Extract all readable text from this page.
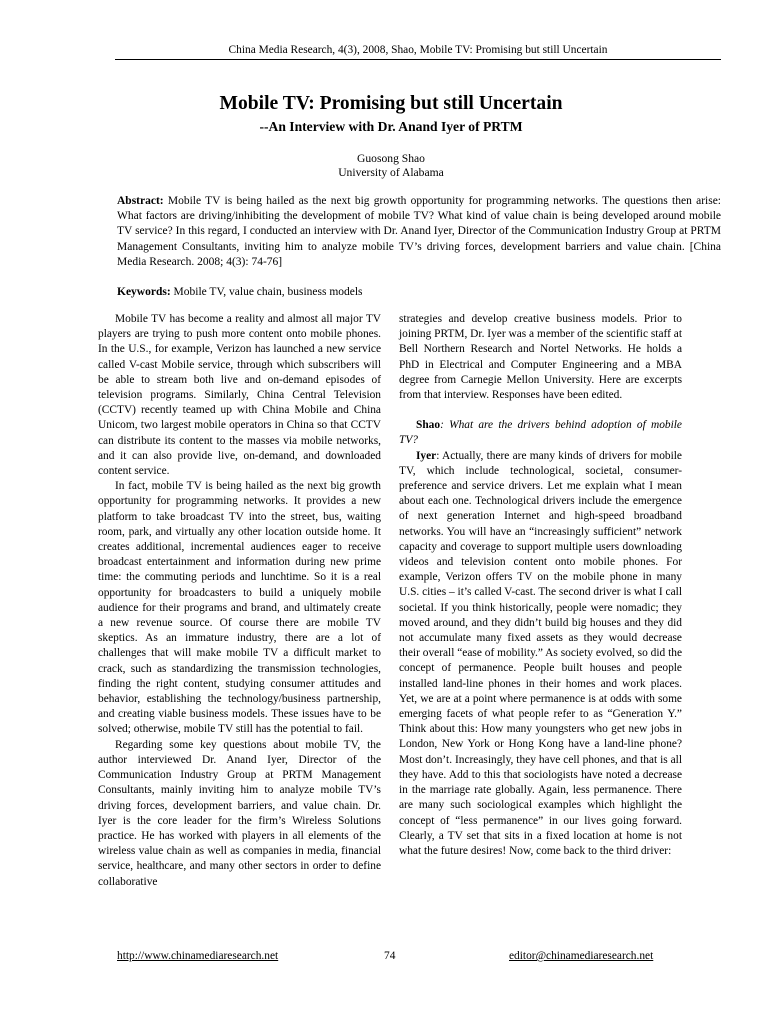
China Media Research, 4(3), 2008, Shao, Mobile TV: Promising but still Uncertain
Mobile TV: Promising but still Uncertain
--An Interview with Dr. Anand Iyer of PRTM
Guosong Shao
University of Alabama

Abstract: Mobile TV is being hailed as the next big growth opportunity for programming networks. The questions then arise: What factors are driving/inhibiting the development of mobile TV? What kind of value chain is being developed around mobile TV service? In this regard, I conducted an interview with Dr. Anand Iyer, Director of the Communication Industry Group at PRTM Management Consultants, inviting him to analyze mobile TV’s driving forces, development barriers and value chain. [China Media Research. 2008; 4(3): 74-76]

Keywords: Mobile TV, value chain, business models

Mobile TV has become a reality and almost all major TV players are trying to push more content onto mobile phones. In the U.S., for example, Verizon has launched a new service called V-cast Mobile service, through which subscribers will be able to stream both live and on-demand episodes of television programs. Similarly, China Central Television (CCTV) recently teamed up with China Mobile and China Unicom, two largest mobile operators in China so that CCTV can distribute its content to the masses via mobile networks, and it can also provide live, on-demand, and downloaded content service.

In fact, mobile TV is being hailed as the next big growth opportunity for programming networks. It provides a new platform to take broadcast TV into the street, bus, waiting room, park, and virtually any other location outside home. It creates additional, incremental audiences eager to receive broadcast entertainment and information during new prime time: the commuting periods and lunchtime. So it is a real opportunity for broadcasters to build a uniquely mobile audience for their programs and brand, and ultimately create a new revenue source. Of course there are mobile TV skeptics. As an immature industry, there are a lot of challenges that will make mobile TV a difficult market to crack, such as standardizing the transmission technologies, finding the right content, studying consumer attitudes and behavior, establishing the technology/business partnership, and creating viable business models. These issues have to be solved; otherwise, mobile TV still has the potential to fail.

Regarding some key questions about mobile TV, the author interviewed Dr. Anand Iyer, Director of the Communication Industry Group at PRTM Management Consultants, mainly inviting him to analyze mobile TV’s driving forces, development barriers, and value chain. Dr. Iyer is the core leader for the firm’s Wireless Solutions practice. He has worked with players in all elements of the wireless value chain as well as companies in media, financial service, healthcare, and many other sectors in order to define collaborative

strategies and develop creative business models. Prior to joining PRTM, Dr. Iyer was a member of the scientific staff at Bell Northern Research and Nortel Networks. He holds a PhD in Electrical and Computer Engineering and a MBA degree from Carnegie Mellon University. Here are excerpts from that interview. Responses have been edited.

Shao: What are the drivers behind adoption of mobile TV?

Iyer: Actually, there are many kinds of drivers for mobile TV, which include technological, societal, consumer-preference and service drivers. Let me explain what I mean about each one. Technological drivers include the emergence of next generation Internet and high-speed broadband networks. You will have an “increasingly sufficient” network capacity and coverage to support multiple users downloading videos and television content onto mobile phones. For example, Verizon offers TV on the mobile phone in many U.S. cities – it’s called V-cast. The second driver is what I call societal. If you think historically, people were nomadic; they moved around, and they didn’t build big houses and they did not accumulate many fixed assets as they would decrease their overall “ease of mobility.” As society evolved, so did the concept of permanence. People built houses and people installed land-line phones in their homes and work places. Yet, we are at a point where permanence is at odds with some emerging facets of what people refer to as “Generation Y.” Think about this: How many youngsters who get new jobs in London, New York or Hong Kong have a land-line phone? Most don’t. Increasingly, they have cell phones, and that is all they have. Add to this that sociologists have noted a decrease in the marriage rate globally. Again, less permanence. There are many such sociological examples which highlight the concept of “less permanence” in our lives going forward. Clearly, a TV set that sits in a fixed location at home is not what the future desires! Now, come back to the third driver:

http://www.chinamediaresearch.net	74	editor@chinamediaresearch.net
